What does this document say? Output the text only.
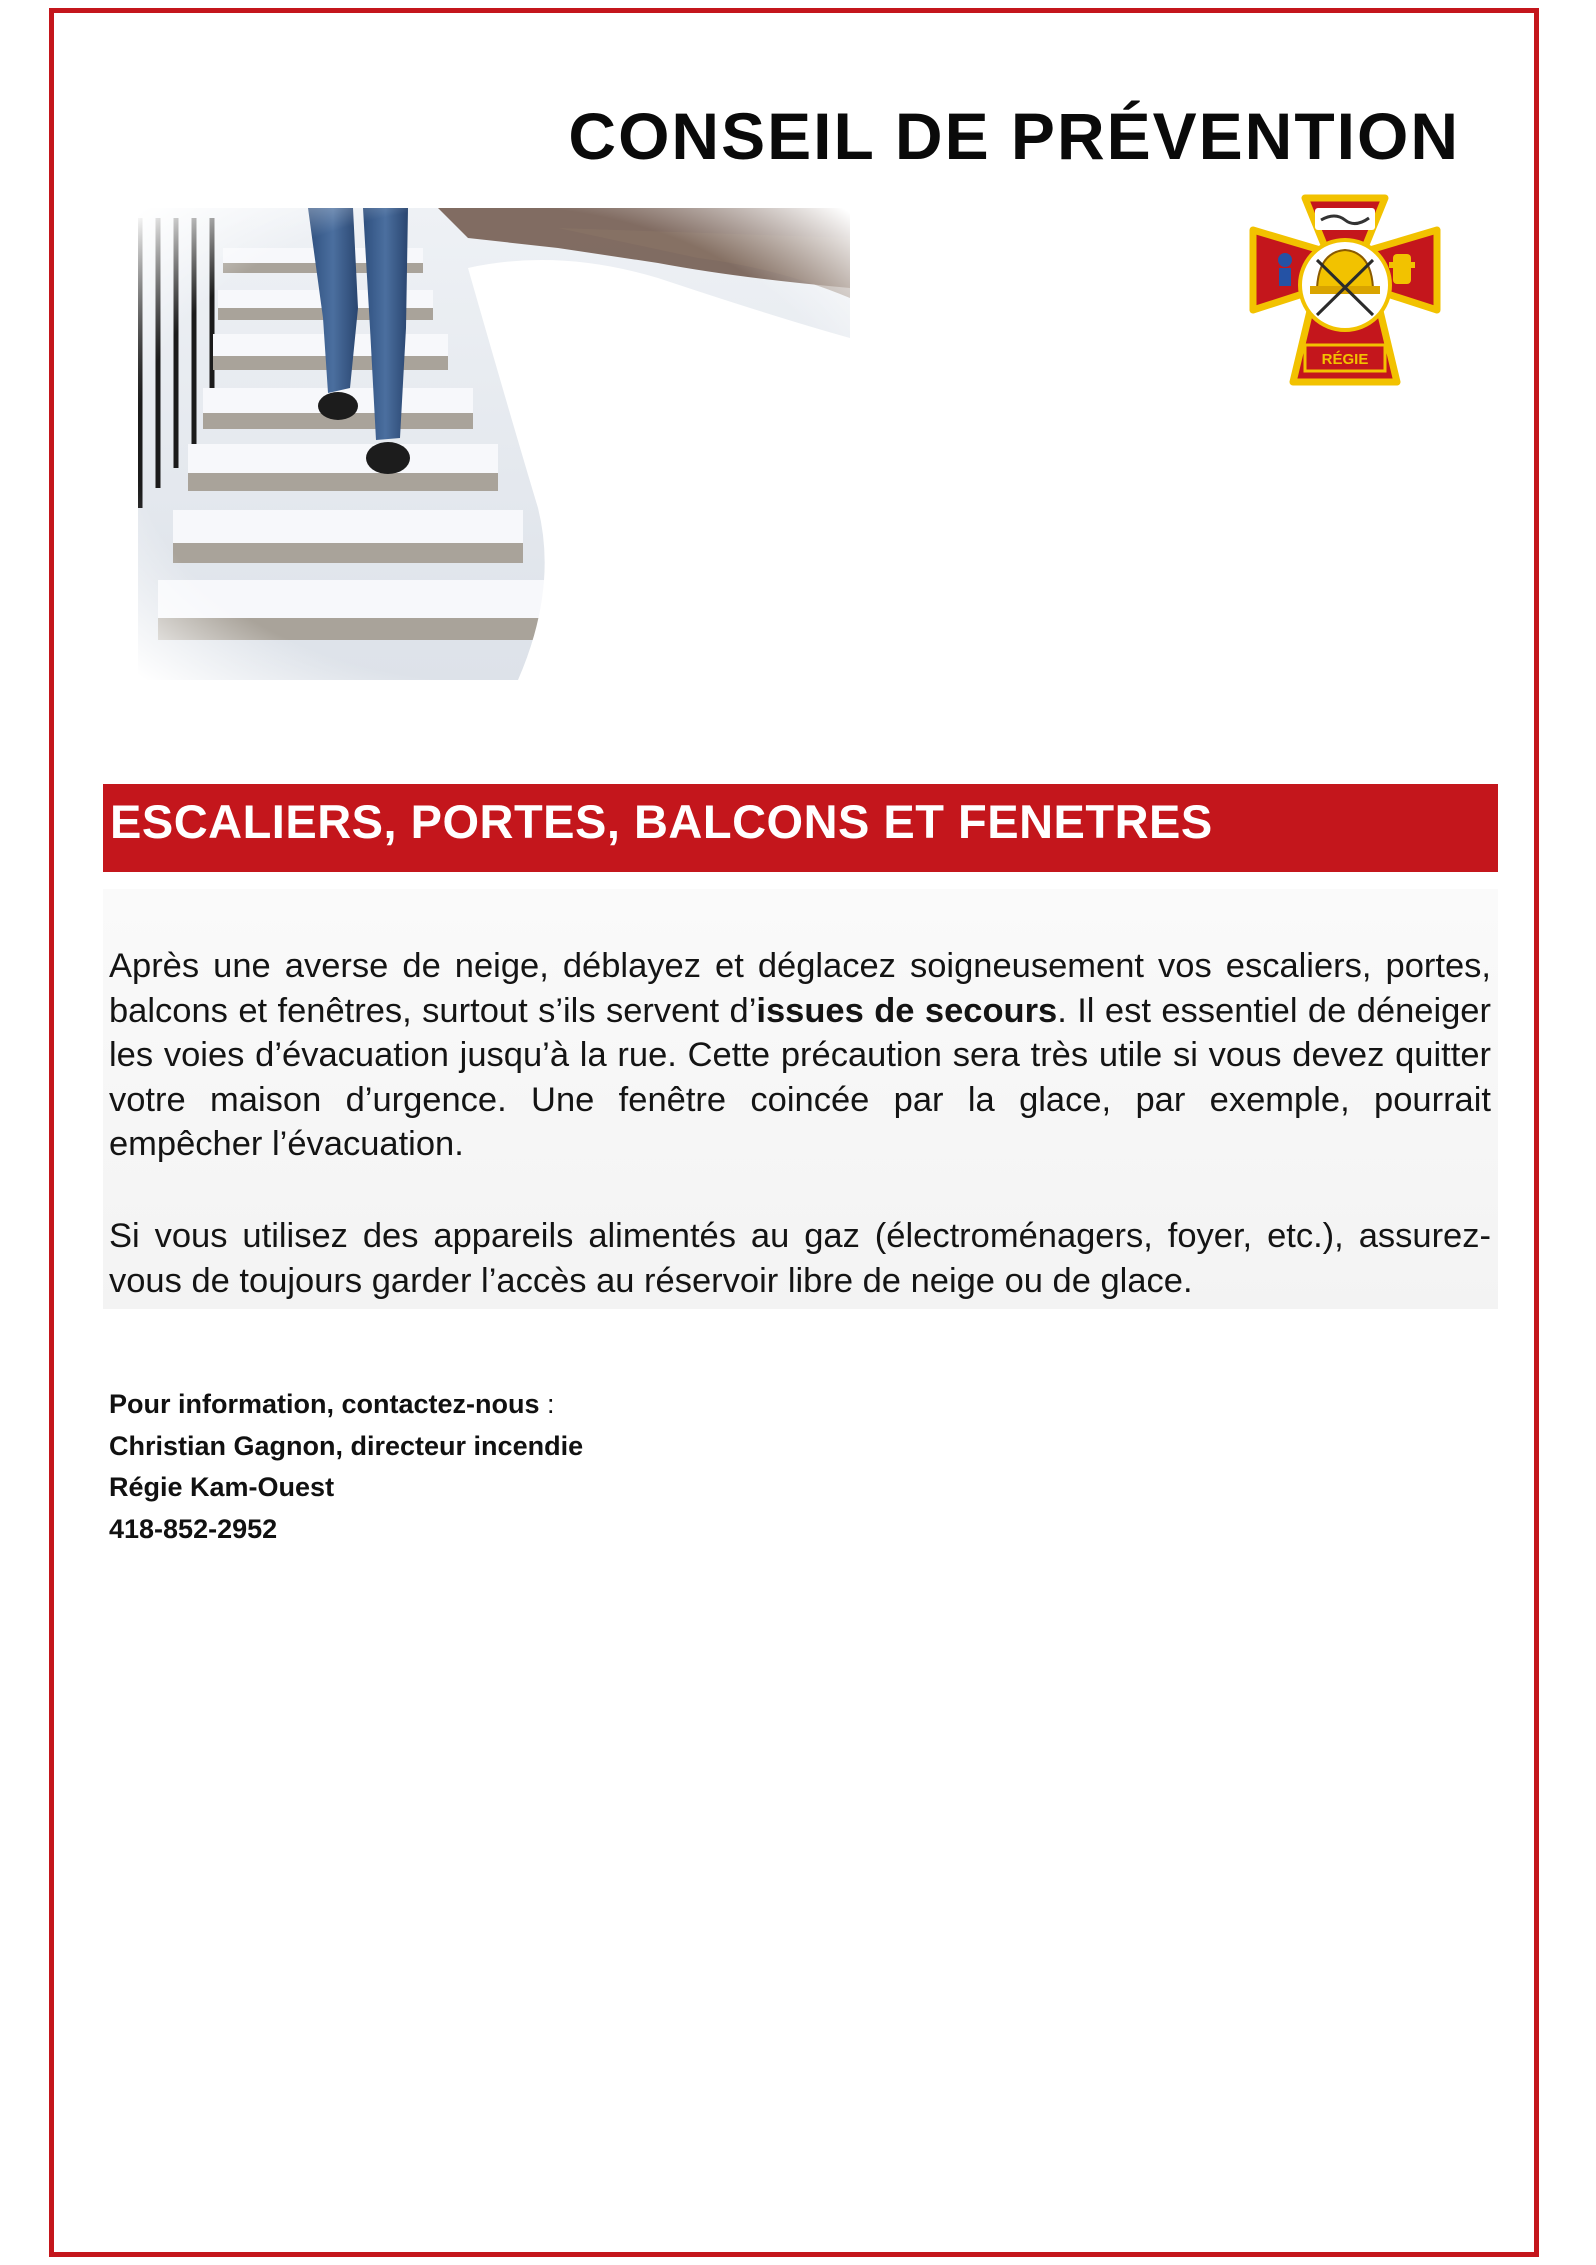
CONSEIL DE PRÉVENTION
RÉGIE
ESCALIERS, PORTES, BALCONS ET FENETRES

Après une averse de neige, déblayez et déglacez soigneusement vos escaliers, portes, balcons et fenêtres, surtout s’ils servent d’issues de secours. Il est essentiel de déneiger les voies d’évacuation jusqu’à la rue. Cette précaution sera très utile si vous devez quitter votre maison d’urgence. Une fenêtre coincée par la glace, par exemple, pourrait empêcher l’évacuation.

Si vous utilisez des appareils alimentés au gaz (électroménagers, foyer, etc.), assurez-vous de toujours garder l’accès au réservoir libre de neige ou de glace.

Pour information, contactez-nous :
Christian Gagnon, directeur incendie
Régie Kam-Ouest
418-852-2952
